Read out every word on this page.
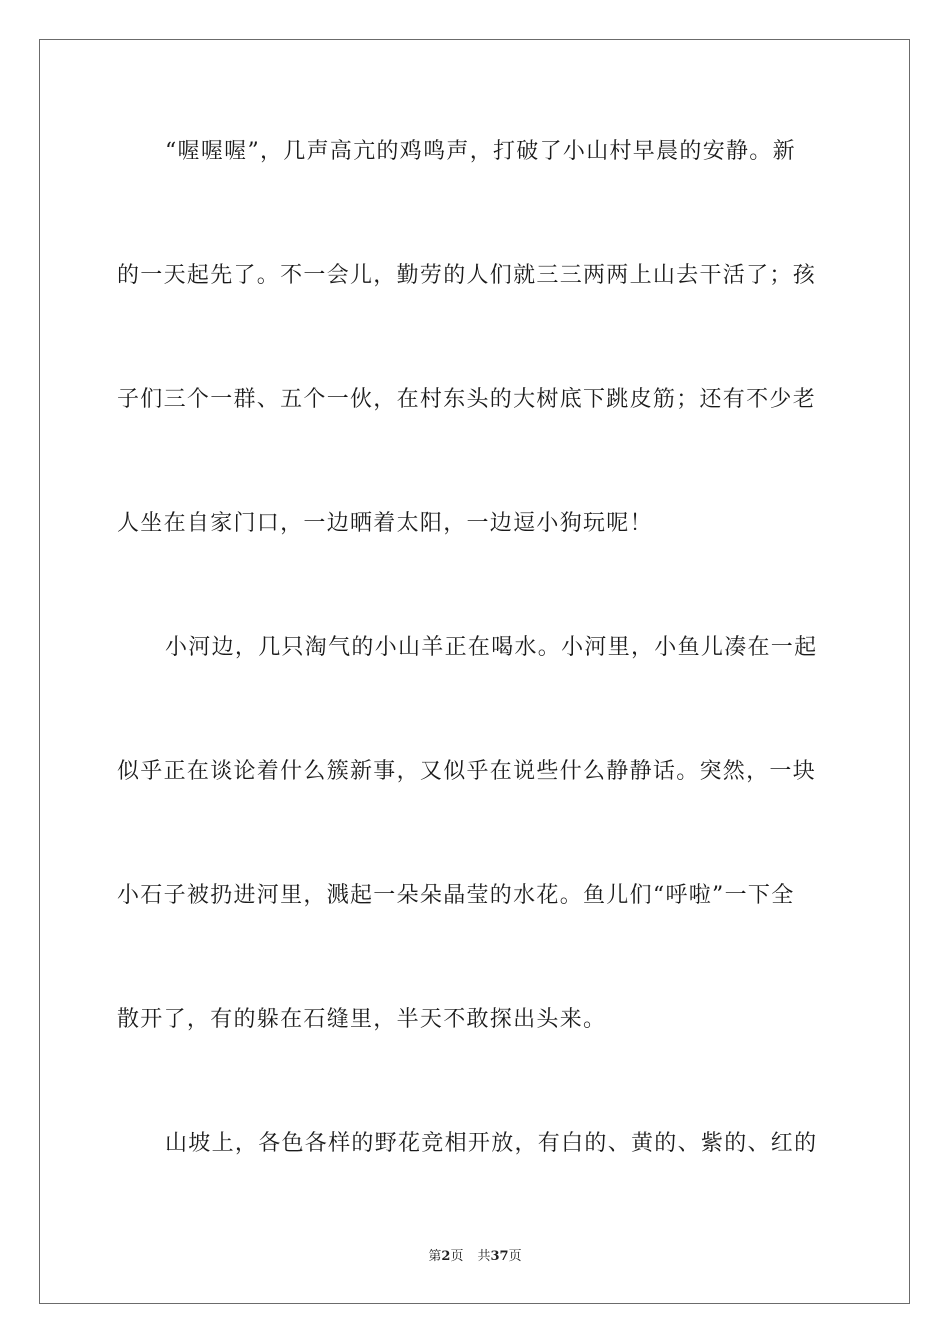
“喔喔喔”，几声高亢的鸡鸣声，打破了小山村早晨的安静。新
的一天起先了。不一会儿，勤劳的人们就三三两两上山去干活了；孩
子们三个一群、五个一伙，在村东头的大树底下跳皮筋；还有不少老
人坐在自家门口，一边晒着太阳，一边逗小狗玩呢！
小河边，几只淘气的小山羊正在喝水。小河里，小鱼儿凑在一起
似乎正在谈论着什么簇新事，又似乎在说些什么静静话。突然，一块
小石子被扔进河里，溅起一朵朵晶莹的水花。鱼儿们“呼啦”一下全
散开了，有的躲在石缝里，半天不敢探出头来。
山坡上，各色各样的野花竞相开放，有白的、黄的、紫的、红的
第2页 共37页
